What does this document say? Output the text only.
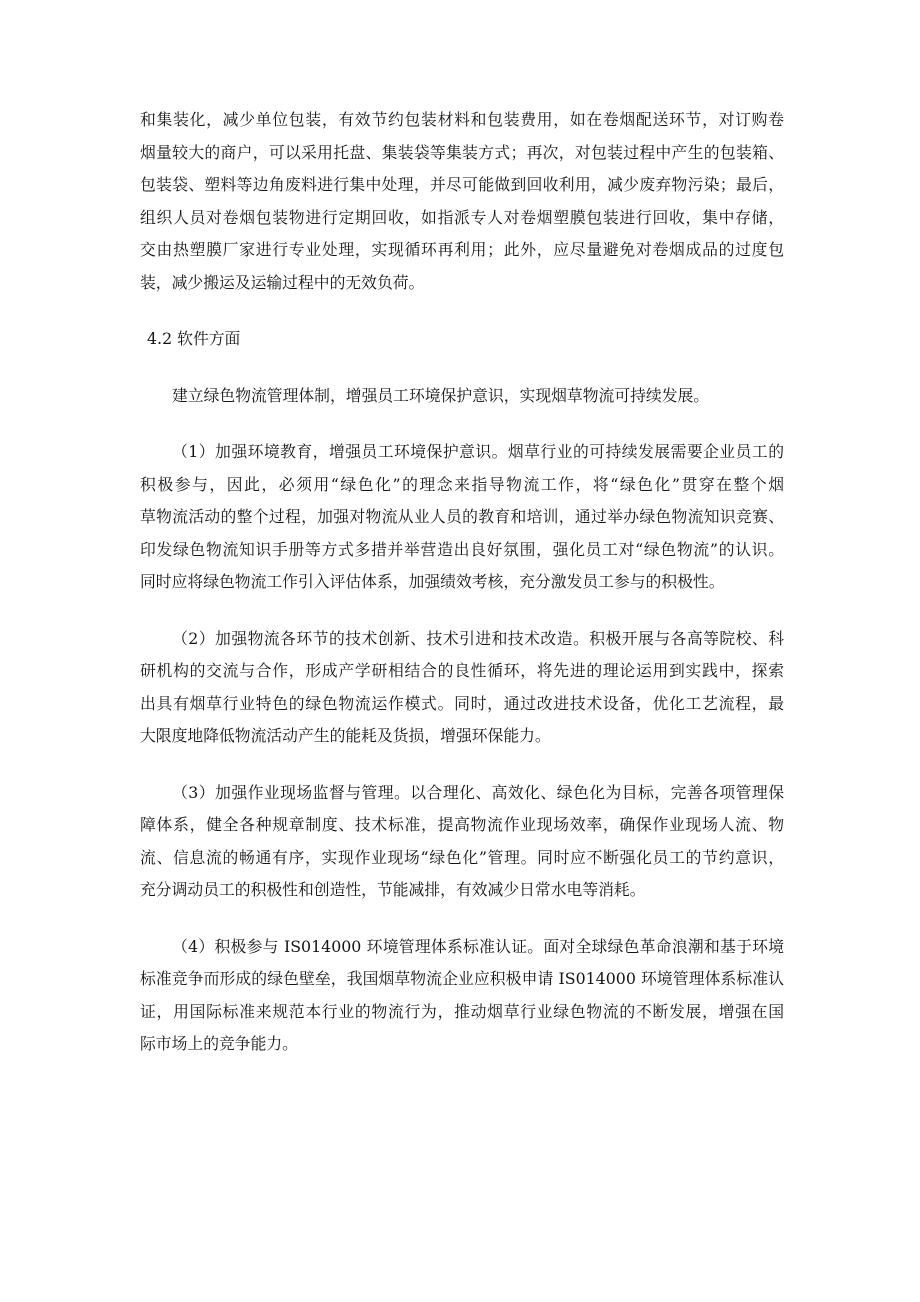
和集装化，减少单位包装，有效节约包装材料和包装费用，如在卷烟配送环节，对订购卷
烟量较大的商户，可以采用托盘、集装袋等集装方式；再次，对包装过程中产生的包装箱、
包装袋、塑料等边角废料进行集中处理，并尽可能做到回收利用，减少废弃物污染；最后，
组织人员对卷烟包装物进行定期回收，如指派专人对卷烟塑膜包装进行回收，集中存储，
交由热塑膜厂家进行专业处理，实现循环再利用；此外，应尽量避免对卷烟成品的过度包
装，减少搬运及运输过程中的无效负荷。

4.2 软件方面

建立绿色物流管理体制，增强员工环境保护意识，实现烟草物流可持续发展。

（1）加强环境教育，增强员工环境保护意识。烟草行业的可持续发展需要企业员工的
积极参与，因此，必须用“绿色化”的理念来指导物流工作，将“绿色化”贯穿在整个烟
草物流活动的整个过程，加强对物流从业人员的教育和培训，通过举办绿色物流知识竞赛、
印发绿色物流知识手册等方式多措并举营造出良好氛围，强化员工对“绿色物流”的认识。
同时应将绿色物流工作引入评估体系，加强绩效考核，充分激发员工参与的积极性。

（2）加强物流各环节的技术创新、技术引进和技术改造。积极开展与各高等院校、科
研机构的交流与合作，形成产学研相结合的良性循环，将先进的理论运用到实践中，探索
出具有烟草行业特色的绿色物流运作模式。同时，通过改进技术设备，优化工艺流程，最
大限度地降低物流活动产生的能耗及货损，增强环保能力。

（3）加强作业现场监督与管理。以合理化、高效化、绿色化为目标，完善各项管理保
障体系，健全各种规章制度、技术标准，提高物流作业现场效率，确保作业现场人流、物
流、信息流的畅通有序，实现作业现场“绿色化”管理。同时应不断强化员工的节约意识，
充分调动员工的积极性和创造性，节能减排，有效减少日常水电等消耗。

（4）积极参与 IS014000 环境管理体系标准认证。面对全球绿色革命浪潮和基于环境
标准竞争而形成的绿色壁垒，我国烟草物流企业应积极申请 IS014000 环境管理体系标准认
证，用国际标准来规范本行业的物流行为，推动烟草行业绿色物流的不断发展，增强在国
际市场上的竞争能力。
